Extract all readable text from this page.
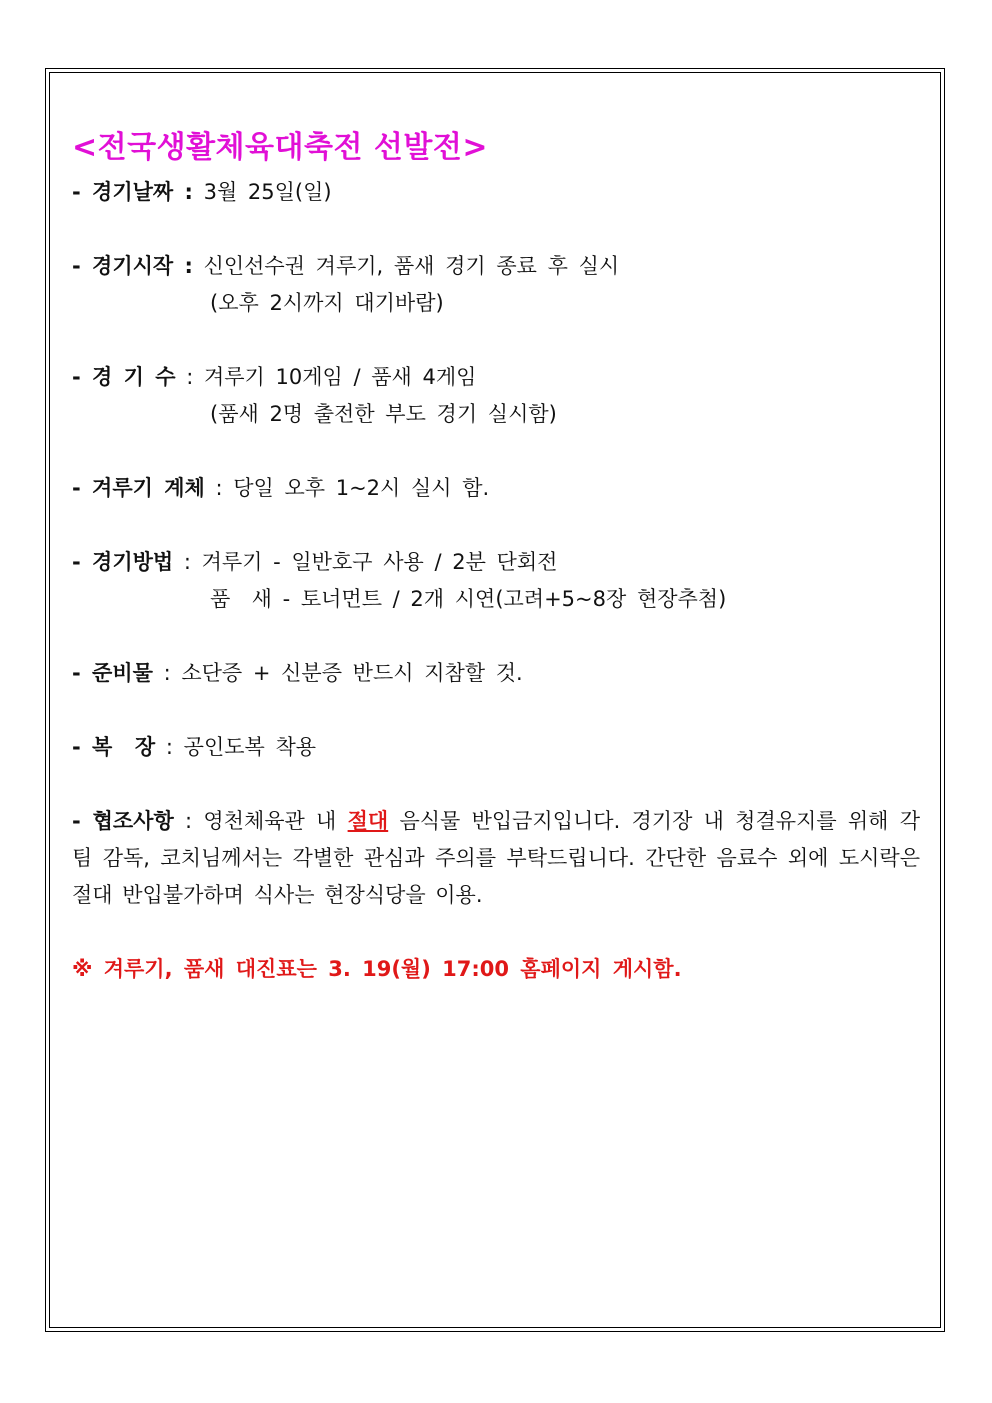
<전국생활체육대축전 선발전>
- 경기날짜 : 3월 25일(일)
- 경기시작 : 신인선수권 겨루기, 품새 경기 종료 후 실시
(오후 2시까지 대기바람)
- 경 기 수 : 겨루기 10게임 / 품새 4게임
(품새 2명 출전한 부도 경기 실시함)
- 겨루기 계체 : 당일 오후 1~2시 실시 함.
- 경기방법 : 겨루기 - 일반호구 사용 / 2분 단회전
품  새 - 토너먼트 / 2개 시연(고려+5~8장 현장추첨)
- 준비물 : 소단증 + 신분증 반드시 지참할 것.
- 복  장 : 공인도복 착용
- 협조사항 : 영천체육관 내 절대 음식물 반입금지입니다. 경기장 내 청결유지를 위해 각 팀 감독, 코치님께서는 각별한 관심과 주의를 부탁드립니다. 간단한 음료수 외에 도시락은 절대 반입불가하며 식사는 현장식당을 이용.
※ 겨루기, 품새 대진표는 3. 19(월) 17:00 홈페이지 게시함.
